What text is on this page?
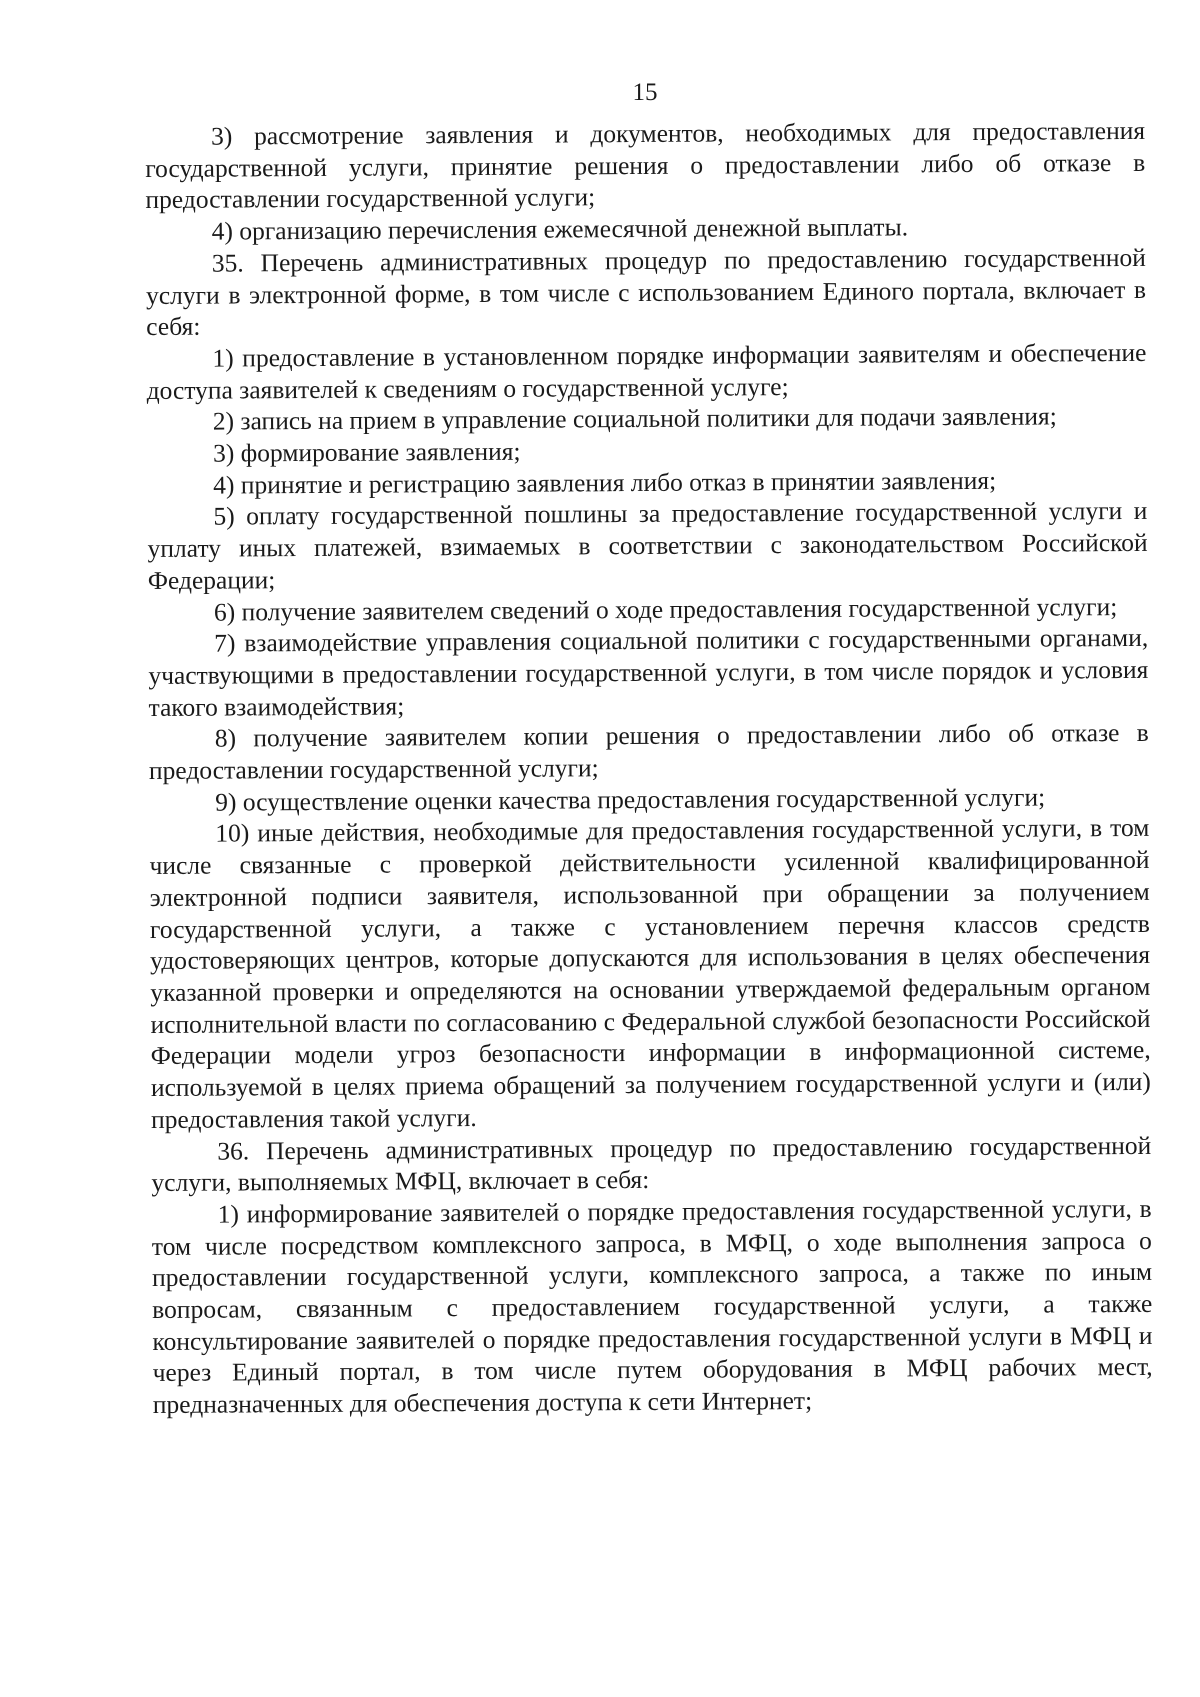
15

3) рассмотрение заявления и документов, необходимых для предоставления государственной услуги, принятие решения о предоставлении либо об отказе в предоставлении государственной услуги;

4) организацию перечисления ежемесячной денежной выплаты.

35. Перечень административных процедур по предоставлению государственной услуги в электронной форме, в том числе с использованием Единого портала, включает в себя:

1) предоставление в установленном порядке информации заявителям и обеспечение доступа заявителей к сведениям о государственной услуге;

2) запись на прием в управление социальной политики для подачи заявления;

3) формирование заявления;

4) принятие и регистрацию заявления либо отказ в принятии заявления;

5) оплату государственной пошлины за предоставление государственной услуги и уплату иных платежей, взимаемых в соответствии с законодательством Российской Федерации;

6) получение заявителем сведений о ходе предоставления государственной услуги;

7) взаимодействие управления социальной политики с государственными органами, участвующими в предоставлении государственной услуги, в том числе порядок и условия такого взаимодействия;

8) получение заявителем копии решения о предоставлении либо об отказе в предоставлении государственной услуги;

9) осуществление оценки качества предоставления государственной услуги;

10) иные действия, необходимые для предоставления государственной услуги, в том числе связанные с проверкой действительности усиленной квалифицированной электронной подписи заявителя, использованной при обращении за получением государственной услуги, а также с установлением перечня классов средств удостоверяющих центров, которые допускаются для использования в целях обеспечения указанной проверки и определяются на основании утверждаемой федеральным органом исполнительной власти по согласованию с Федеральной службой безопасности Российской Федерации модели угроз безопасности информации в информационной системе, используемой в целях приема обращений за получением государственной услуги и (или) предоставления такой услуги.

36. Перечень административных процедур по предоставлению государственной услуги, выполняемых МФЦ, включает в себя:

1) информирование заявителей о порядке предоставления государственной услуги, в том числе посредством комплексного запроса, в МФЦ, о ходе выполнения запроса о предоставлении государственной услуги, комплексного запроса, а также по иным вопросам, связанным с предоставлением государственной услуги, а также консультирование заявителей о порядке предоставления государственной услуги в МФЦ и через Единый портал, в том числе путем оборудования в МФЦ рабочих мест, предназначенных для обеспечения доступа к сети Интернет;
